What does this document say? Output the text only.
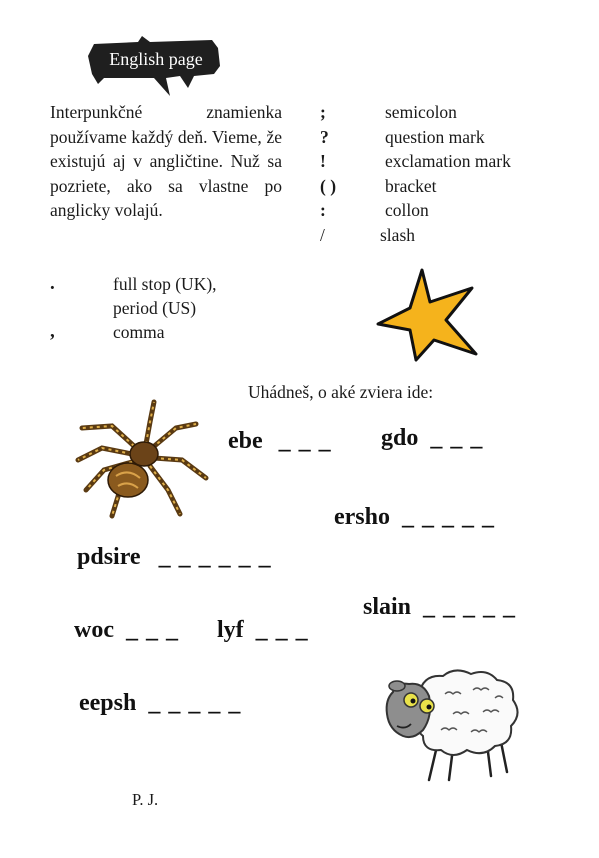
English page
Interpunkčné znamienka používame každý deň. Vieme, že existujú aj v angličtine. Nuž sa pozriete, ako sa vlastne po anglicky volajú.
;	semicolon
?	question mark
!	exclamation mark
( )	bracket
:	collon
/	slash
.	full stop (UK),
period (US)
,	comma
Uhádneš, o aké zviera ide:
ebe _ _ _ gdo _ _ _
ersho _ _ _ _ _
pdsire _ _ _ _ _ _
slain _ _ _ _ _
woc _ _ _ lyf _ _ _
eepsh _ _ _ _ _
P. J.
